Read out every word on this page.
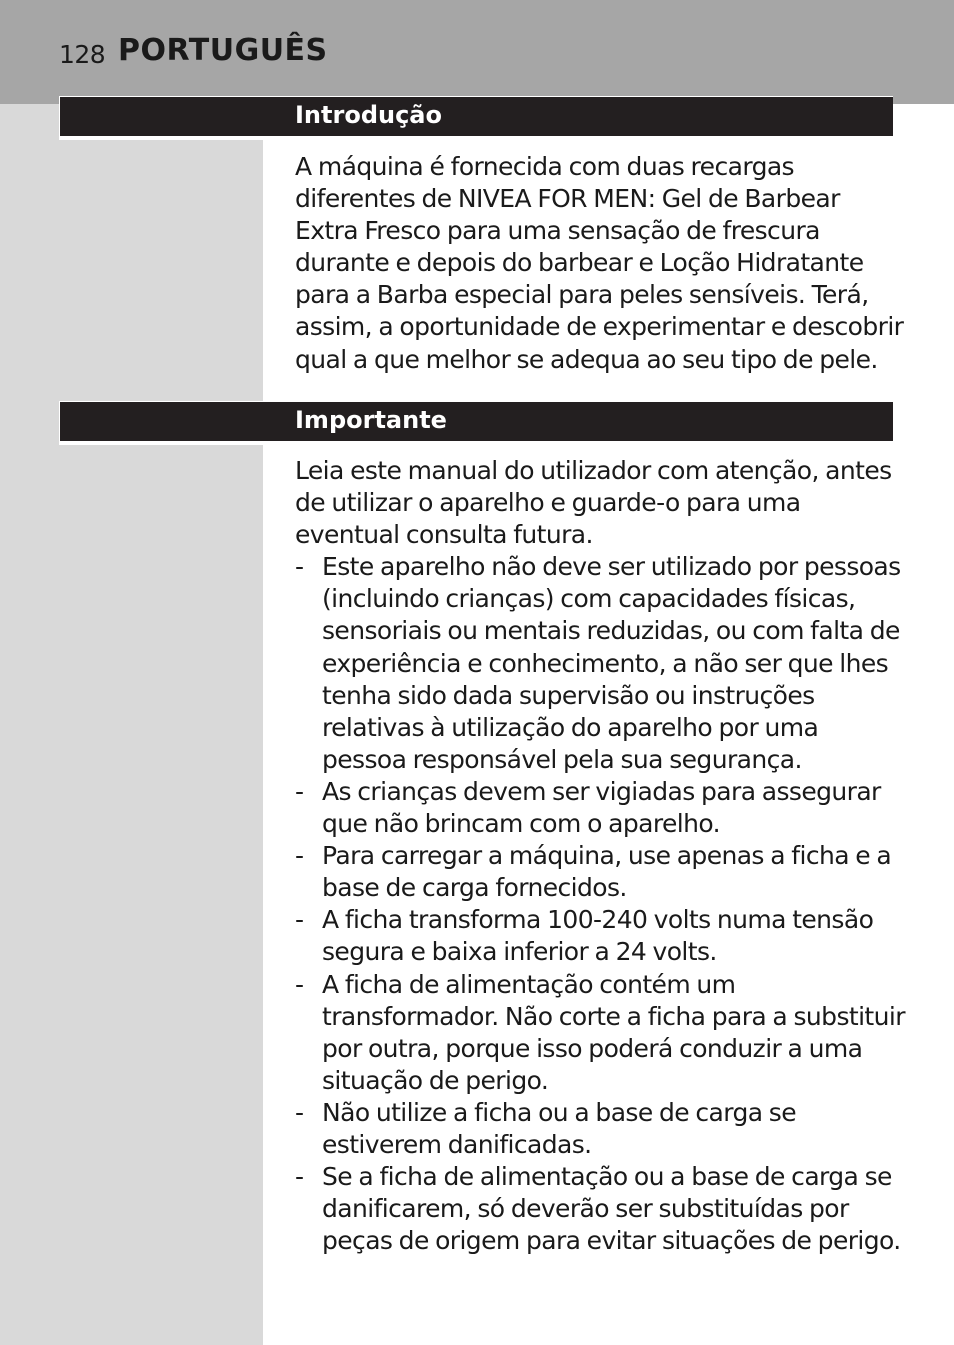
128 PORTUGUÊS
Introdução

A máquina é fornecida com duas recargas diferentes de NIVEA FOR MEN: Gel de Barbear Extra Fresco para uma sensação de frescura durante e depois do barbear e Loção Hidratante para a Barba especial para peles sensíveis. Terá, assim, a oportunidade de experimentar e descobrir qual a que melhor se adequa ao seu tipo de pele.

Importante

Leia este manual do utilizador com atenção, antes de utilizar o aparelho e guarde-o para uma eventual consulta futura.

- Este aparelho não deve ser utilizado por pessoas (incluindo crianças) com capacidades físicas, sensoriais ou mentais reduzidas, ou com falta de experiência e conhecimento, a não ser que lhes tenha sido dada supervisão ou instruções relativas à utilização do aparelho por uma pessoa responsável pela sua segurança.
- As crianças devem ser vigiadas para assegurar que não brincam com o aparelho.
- Para carregar a máquina, use apenas a ficha e a base de carga fornecidos.
- A ficha transforma 100-240 volts numa tensão segura e baixa inferior a 24 volts.
- A ficha de alimentação contém um transformador. Não corte a ficha para a substituir por outra, porque isso poderá conduzir a uma situação de perigo.
- Não utilize a ficha ou a base de carga se estiverem danificadas.
- Se a ficha de alimentação ou a base de carga se danificarem, só deverão ser substituídas por peças de origem para evitar situações de perigo.
